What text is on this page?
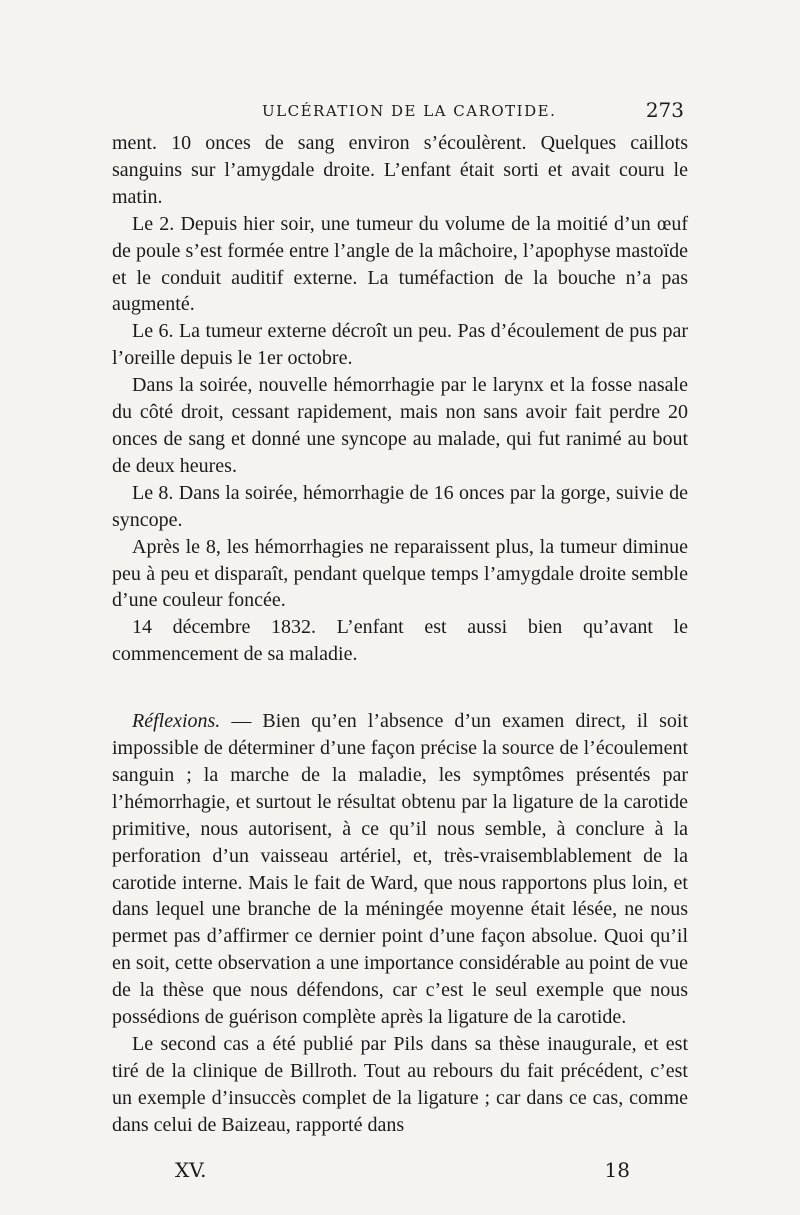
ULCÉRATION DE LA CAROTIDE.	273

ment. 10 onces de sang environ s’écoulèrent. Quelques caillots sanguins sur l’amygdale droite. L’enfant était sorti et avait couru le matin.

Le 2. Depuis hier soir, une tumeur du volume de la moitié d’un œuf de poule s’est formée entre l’angle de la mâchoire, l’apophyse mastoïde et le conduit auditif externe. La tuméfaction de la bouche n’a pas augmenté.

Le 6. La tumeur externe décroît un peu. Pas d’écoulement de pus par l’oreille depuis le 1er octobre.

Dans la soirée, nouvelle hémorrhagie par le larynx et la fosse nasale du côté droit, cessant rapidement, mais non sans avoir fait perdre 20 onces de sang et donné une syncope au malade, qui fut ranimé au bout de deux heures.

Le 8. Dans la soirée, hémorrhagie de 16 onces par la gorge, suivie de syncope.

Après le 8, les hémorrhagies ne reparaissent plus, la tumeur diminue peu à peu et disparaît, pendant quelque temps l’amygdale droite semble d’une couleur foncée.

14 décembre 1832. L’enfant est aussi bien qu’avant le commencement de sa maladie.

Réflexions. — Bien qu’en l’absence d’un examen direct, il soit impossible de déterminer d’une façon précise la source de l’écoulement sanguin ; la marche de la maladie, les symptômes présentés par l’hémorrhagie, et surtout le résultat obtenu par la ligature de la carotide primitive, nous autorisent, à ce qu’il nous semble, à conclure à la perforation d’un vaisseau artériel, et, très-vraisemblablement de la carotide interne. Mais le fait de Ward, que nous rapportons plus loin, et dans lequel une branche de la méningée moyenne était lésée, ne nous permet pas d’affirmer ce dernier point d’une façon absolue. Quoi qu’il en soit, cette observation a une importance considérable au point de vue de la thèse que nous défendons, car c’est le seul exemple que nous possédions de guérison complète après la ligature de la carotide.

Le second cas a été publié par Pils dans sa thèse inaugurale, et est tiré de la clinique de Billroth. Tout au rebours du fait précédent, c’est un exemple d’insuccès complet de la ligature ; car dans ce cas, comme dans celui de Baizeau, rapporté dans

XV.	18
